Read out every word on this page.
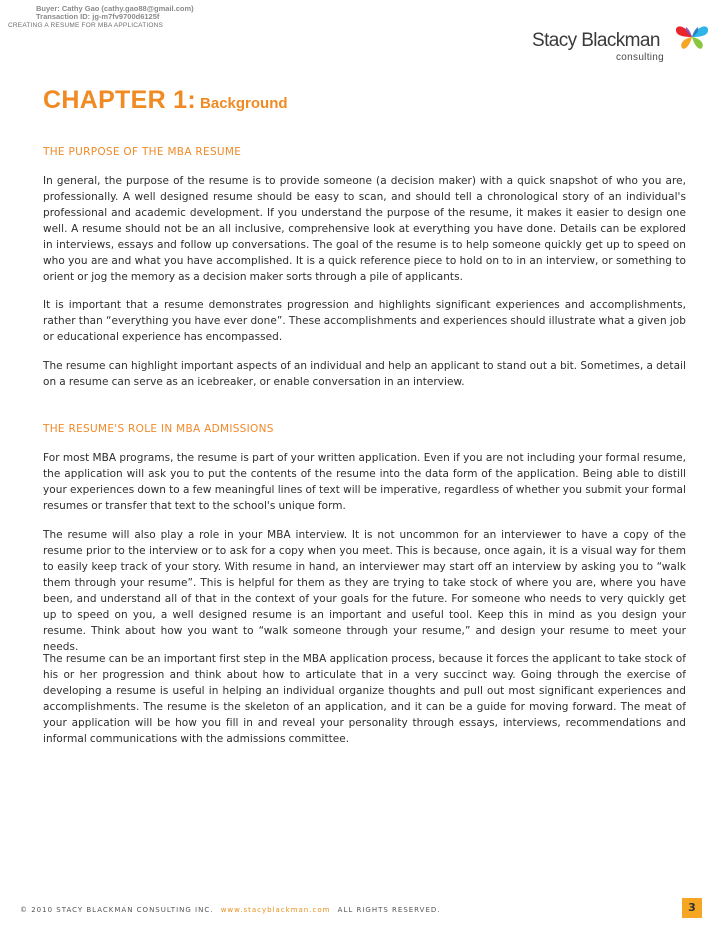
Buyer: Cathy Gao (cathy.gao88@gmail.com)
Transaction ID: jg-m7fv9700d6125f
CREATING A RESUME FOR MBA APPLICATIONS
Stacy Blackman
consulting
CHAPTER 1: Background
THE PURPOSE OF THE MBA RESUME

In general, the purpose of the resume is to provide someone (a decision maker) with a quick snapshot of who you are, professionally. A well designed resume should be easy to scan, and should tell a chronological story of an individual's professional and academic development. If you understand the purpose of the resume, it makes it easier to design one well. A resume should not be an all inclusive, comprehensive look at everything you have done. Details can be explored in interviews, essays and follow up conversations. The goal of the resume is to help someone quickly get up to speed on who you are and what you have accomplished. It is a quick reference piece to hold on to in an interview, or something to orient or jog the memory as a decision maker sorts through a pile of applicants.

It is important that a resume demonstrates progression and highlights significant experiences and accomplishments, rather than “everything you have ever done”. These accomplishments and experiences should illustrate what a given job or educational experience has encompassed.

The resume can highlight important aspects of an individual and help an applicant to stand out a bit. Sometimes, a detail on a resume can serve as an icebreaker, or enable conversation in an interview.

THE RESUME'S ROLE IN MBA ADMISSIONS

For most MBA programs, the resume is part of your written application. Even if you are not including your formal resume, the application will ask you to put the contents of the resume into the data form of the application. Being able to distill your experiences down to a few meaningful lines of text will be imperative, regardless of whether you submit your formal resumes or transfer that text to the school's unique form.

The resume will also play a role in your MBA interview. It is not uncommon for an interviewer to have a copy of the resume prior to the interview or to ask for a copy when you meet. This is because, once again, it is a visual way for them to easily keep track of your story. With resume in hand, an interviewer may start off an interview by asking you to “walk them through your resume”. This is helpful for them as they are trying to take stock of where you are, where you have been, and understand all of that in the context of your goals for the future. For someone who needs to very quickly get up to speed on you, a well designed resume is an important and useful tool. Keep this in mind as you design your resume. Think about how you want to “walk someone through your resume,” and design your resume to meet your needs.

The resume can be an important first step in the MBA application process, because it forces the applicant to take stock of his or her progression and think about how to articulate that in a very succinct way. Going through the exercise of developing a resume is useful in helping an individual organize thoughts and pull out most significant experiences and accomplishments. The resume is the skeleton of an application, and it can be a guide for moving forward. The meat of your application will be how you fill in and reveal your personality through essays, interviews, recommendations and informal communications with the admissions committee.

© 2010 STACY BLACKMAN CONSULTING INC. www.stacyblackman.com ALL RIGHTS RESERVED.	3
